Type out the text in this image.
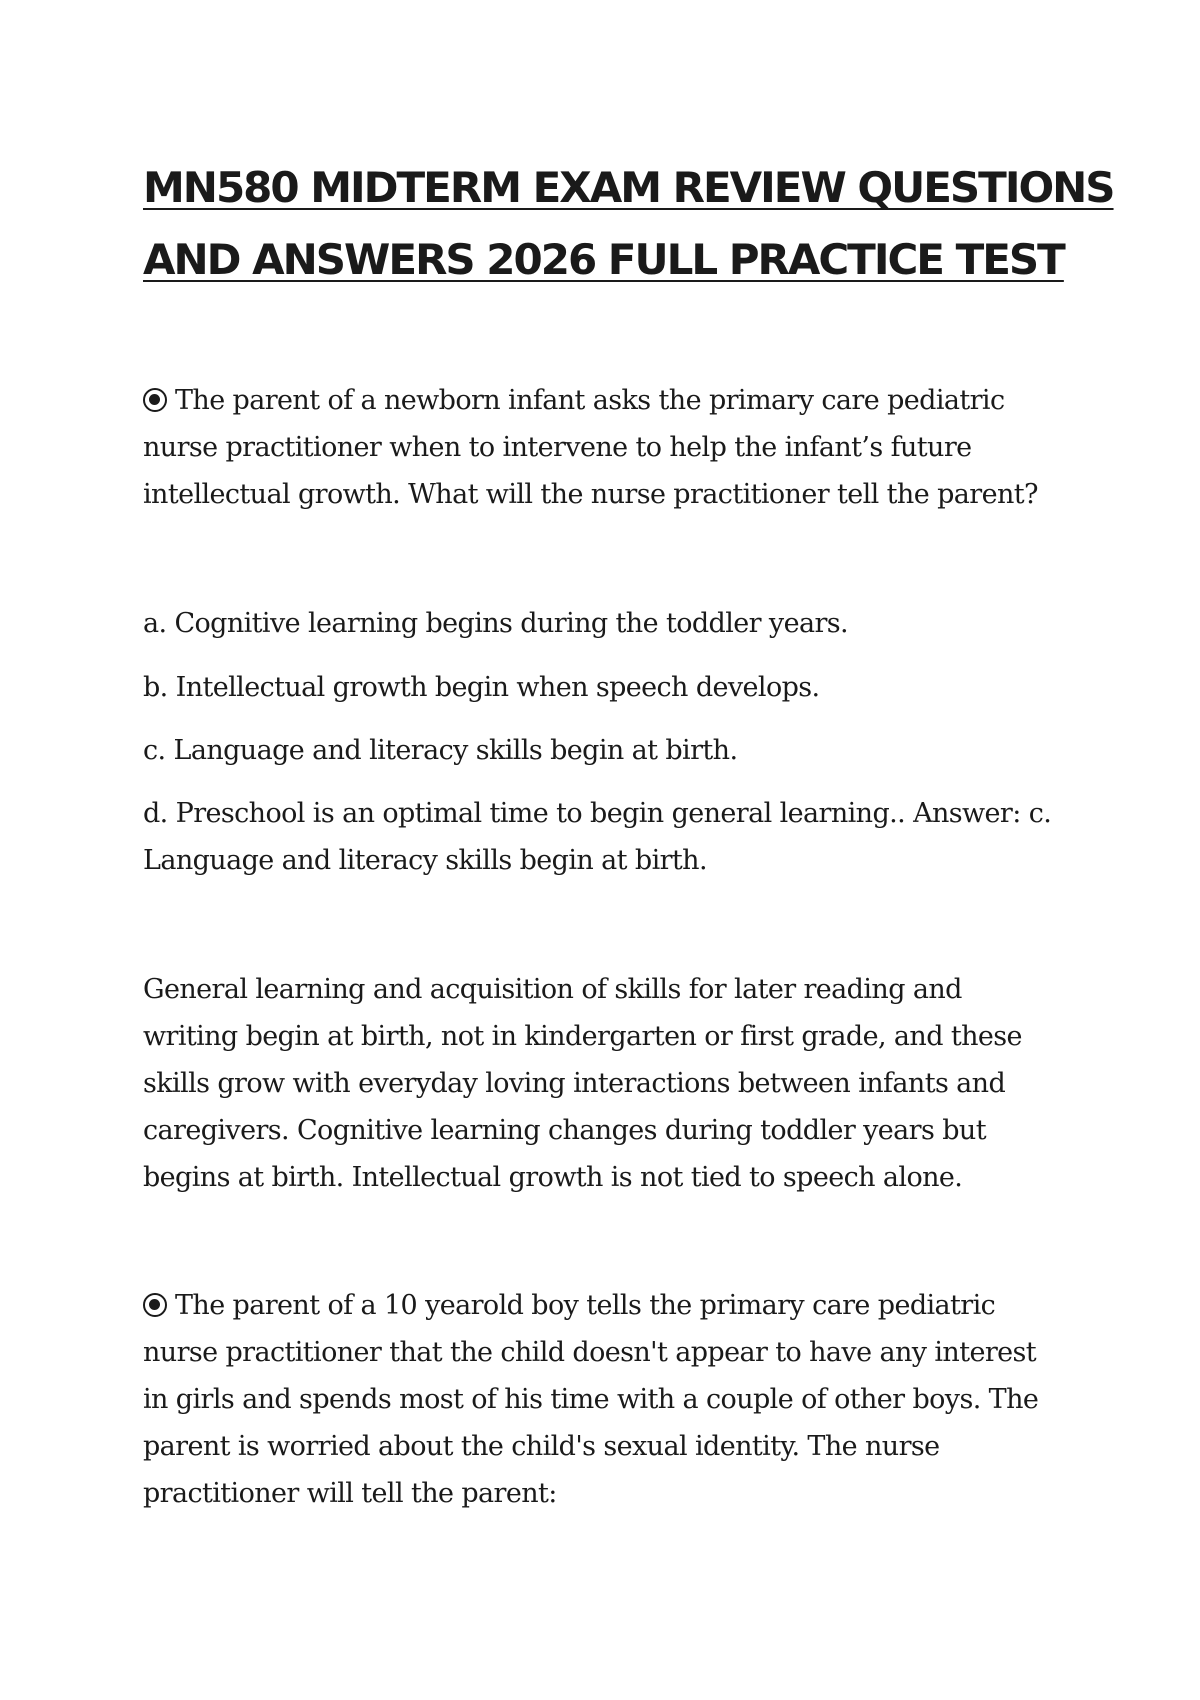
MN580 MIDTERM EXAM REVIEW QUESTIONS
AND ANSWERS 2026 FULL PRACTICE TEST

The parent of a newborn infant asks the primary care pediatric nurse practitioner when to intervene to help the infant’s future intellectual growth. What will the nurse practitioner tell the parent?

a. Cognitive learning begins during the toddler years.

b. Intellectual growth begin when speech develops.

c. Language and literacy skills begin at birth.

d. Preschool is an optimal time to begin general learning.. Answer: c. Language and literacy skills begin at birth.

General learning and acquisition of skills for later reading and writing begin at birth, not in kindergarten or first grade, and these skills grow with everyday loving interactions between infants and caregivers. Cognitive learning changes during toddler years but begins at birth. Intellectual growth is not tied to speech alone.

The parent of a 10 yearold boy tells the primary care pediatric nurse practitioner that the child doesn't appear to have any interest in girls and spends most of his time with a couple of other boys. The parent is worried about the child's sexual identity. The nurse practitioner will tell the parent:
